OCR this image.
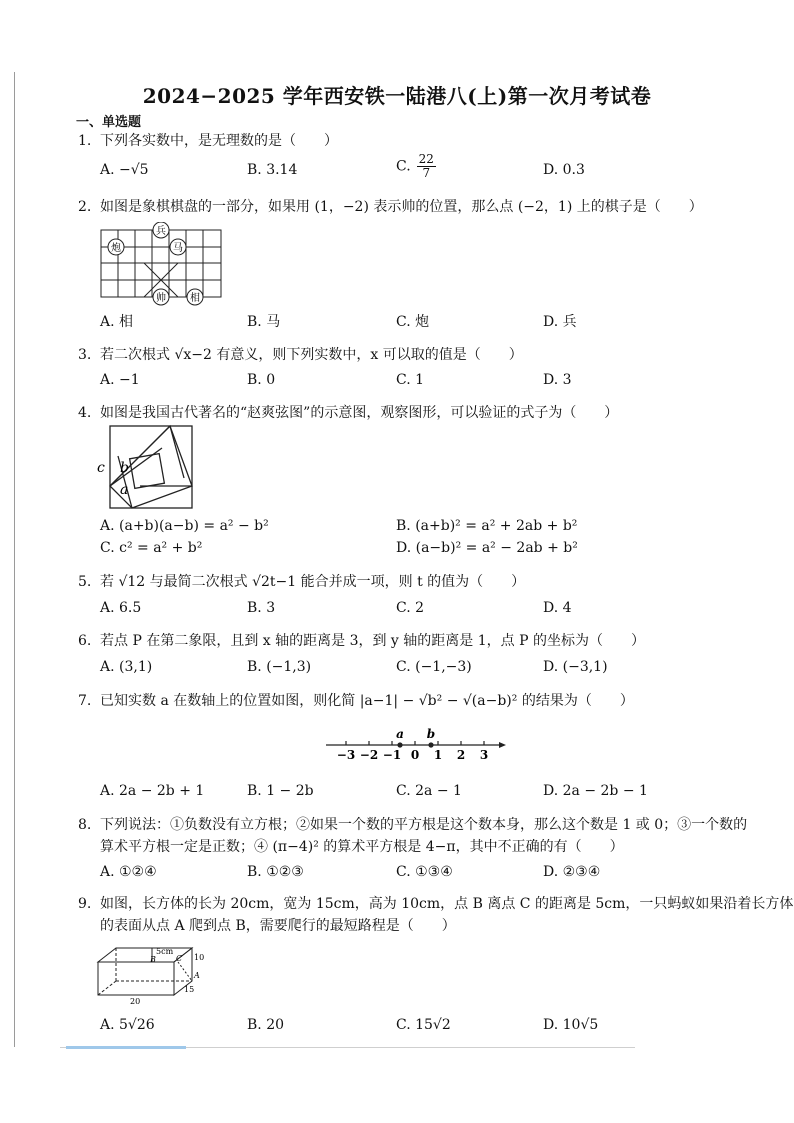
2024−2025 学年西安铁一陆港八(上)第一次月考试卷
一、单选题
1. 下列各实数中，是无理数的是（　　）
A. −√5	B. 3.14	C. $\frac{22}{7}$	D. 0.3
2. 如图是象棋棋盘的一部分，如果用 (1，−2) 表示帅的位置，那么点 (−2，1) 上的棋子是（　　）
炮
兵
马
帅 相
A. 相	B. 马	C. 炮	D. 兵
3. 若二次根式 √x−2 有意义，则下列实数中，x 可以取的值是（　　）
A. −1	B. 0	C. 1	D. 3
4. 如图是我国古代著名的“赵爽弦图”的示意图，观察图形，可以验证的式子为（　　）
c b
a
A. (a+b)(a−b) = a² − b²	B. (a+b)² = a² + 2ab + b²
C. c² = a² + b²	D. (a−b)² = a² − 2ab + b²
5. 若 √12 与最简二次根式 √2t−1 能合并成一项，则 t 的值为（　　）
A. 6.5	B. 3	C. 2	D. 4
6. 若点 P 在第二象限，且到 x 轴的距离是 3，到 y 轴的距离是 1，点 P 的坐标为（　　）
A. (3,1)	B. (−1,3)	C. (−1,−3)	D. (−3,1)
7. 已知实数 a 在数轴上的位置如图，则化简 |a−1| − √b² − √(a−b)² 的结果为（　　）
−3 −2 −1 0 1 2 3
a b
A. 2a − 2b + 1	B. 1 − 2b	C. 2a − 1	D. 2a − 2b − 1
8. 下列说法：①负数没有立方根；②如果一个数的平方根是这个数本身，那么这个数是 1 或 0；③一个数的
算术平方根一定是正数；④ (π−4)² 的算术平方根是 4−π，其中不正确的有（　　）
A. ①②④	B. ①②③	C. ①③④	D. ②③④
9. 如图，长方体的长为 20cm，宽为 15cm，高为 10cm，点 B 离点 C 的距离是 5cm，一只蚂蚁如果沿着长方体
的表面从点 A 爬到点 B，需要爬行的最短路程是（　　）
5cm
B	C
A
10
15
20
A. 5√26	B. 20	C. 15√2	D. 10√5
